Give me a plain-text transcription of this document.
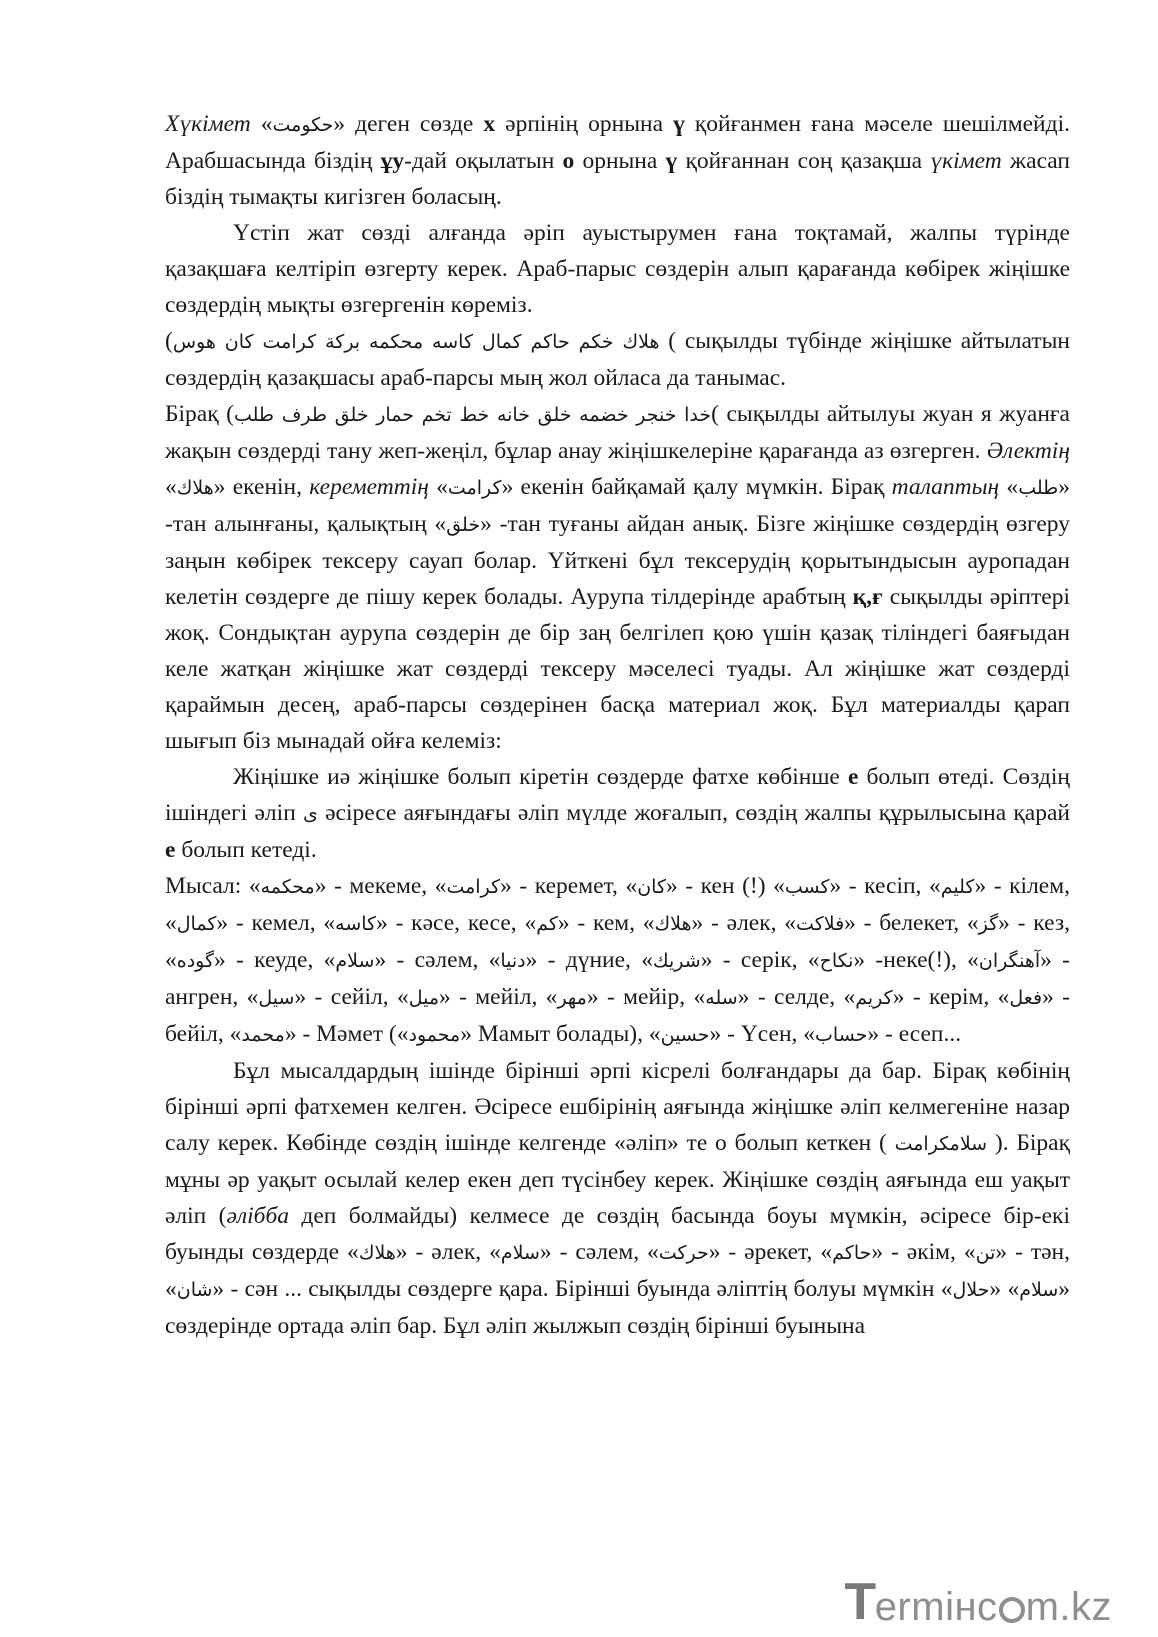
Хүкімет «حكومت» деген сөзде х әрпінің орнына ү қойғанмен ғана мәселе шешілмейді. Арабшасында біздің ұу-дай оқылатын о орнына ү қойғаннан соң қазақша үкімет жасап біздің тымақты кигізген боласың.

Үстіп жат сөзді алғанда әріп ауыстырумен ғана тоқтамай, жалпы түрінде қазақшаға келтіріп өзгерту керек. Араб-парыс сөздерін алып қарағанда көбірек жіңішке сөздердің мықты өзгергенін көреміз.

(هلاك خكم حاكم كمال كاسه محكمه بركة كرامت كان هوس ( сықылды түбінде жіңішке айтылатын сөздердің қазақшасы араб-парсы мың жол ойласа да танымас.

Бірақ (خدا خنجر خضمه خلق خانه خط تخم حمار خلق طرف طلب( сықылды айтылуы жуан я жуанға жақын сөздерді тану жеп-жеңіл, бұлар анау жіңішкелеріне қарағанда аз өзгерген. Әлектің «هلاك» екенін, кереметтің «كرامت» екенін байқамай қалу мүмкін. Бірақ талаптың «طلب» -тан алынғаны, қалықтың «خلق» -тан туғаны айдан анық. Бізге жіңішке сөздердің өзгеру заңын көбірек тексеру сауап болар. Үйткені бұл тексерудің қорытындысын ауропадан келетін сөздерге де пішу керек болады. Аурупа тілдерінде арабтың қ,ғ сықылды әріптері жоқ. Сондықтан аурупа сөздерін де бір заң белгілеп қою үшін қазақ тіліндегі баяғыдан келе жатқан жіңішке жат сөздерді тексеру мәселесі туады. Ал жіңішке жат сөздерді қараймын десең, араб-парсы сөздерінен басқа материал жоқ. Бұл материалды қарап шығып біз мынадай ойға келеміз:

Жіңішке иә жіңішке болып кіретін сөздерде фатхе көбінше е болып өтеді. Сөздің ішіндегі әліп ى әсіресе аяғындағы әліп мүлде жоғалып, сөздің жалпы құрылысына қарай е болып кетеді.

Мысал: «محكمه» - мекеме, «كرامت» - керемет, «كان» - кен (!) «كسب» - кесіп, «كليم» - кілем, «كمال» - кемел, «كاسه» - кәсе, кесе, «كم» - кем, «هلاك» - әлек, «فلاكت» - белекет, «گز» - кез, «گوده» - кеуде, «سلام» - сәлем, «دنيا» - дүние, «شريك» - серік, «نكاح» -неке(!), «آهنگران» - ангрен, «سيل» - сейіл, «ميل» - мейіл, «مهر» - мейір, «سله» - селде, «كريم» - керім, «فعل» - бейіл, «محمد» - Мәмет («محمود» Мамыт болады), «حسين» - Үсен, «حساب» - есеп...

Бұл мысалдардың ішінде бірінші әрпі кісрелі болғандары да бар. Бірақ көбінің бірінші әрпі фатхемен келген. Әсіресе ешбірінің аяғында жіңішке әліп келмегеніне назар салу керек. Көбінде сөздің ішінде келгенде «әліп» те о болып кеткен ( سلامكرامت ). Бірақ мұны әр уақыт осылай келер екен деп түсінбеу керек. Жіңішке сөздің аяғында еш уақыт әліп (әлібба деп болмайды) келмесе де сөздің басында боуы мүмкін, әсіресе бір-екі буынды сөздерде «هلاك» - әлек, «سلام» - сәлем, «حركت» - әрекет, «حاكم» - әкім, «تن» - тән, «شان» - сән ... сықылды сөздерге қара. Бірінші буында әліптің болуы мүмкін «حلال» «سلام» сөздерінде ортада әліп бар. Бұл әліп жылжып сөздің бірінші буынына

T
ermінc m.kz
